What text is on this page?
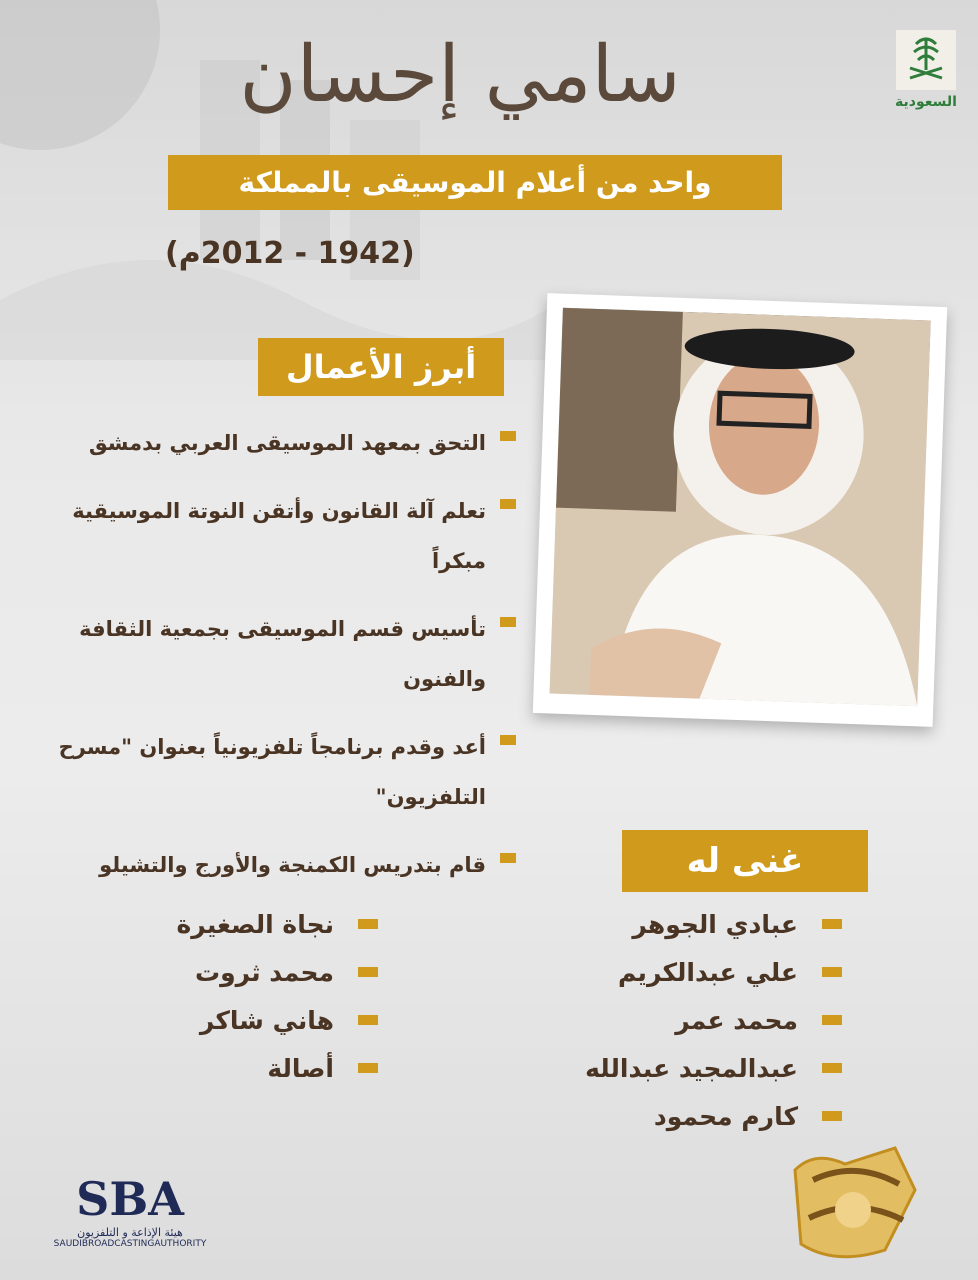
سامي إحسان	السعودية
واحد من أعلام الموسيقى بالمملكة
(1942 - 2012م)
أبرز الأعمال
التحق بمعهد الموسيقى العربي بدمشق
تعلم آلة القانون وأتقن النوتة الموسيقية مبكراً
تأسيس قسم الموسيقى بجمعية الثقافة والفنون
أعد وقدم برنامجاً تلفزيونياً بعنوان "مسرح التلفزيون"
قام بتدريس الكمنجة والأورج والتشيلو	غنى له
عبادي الجوهر
علي عبدالكريم
محمد عمر
عبدالمجيد عبدالله
كارم محمود
نجاة الصغيرة
محمد ثروت
هاني شاكر
أصالة
SBA
هيئة الإذاعة و التلفزيون
SAUDIBROADCASTINGAUTHORITY
